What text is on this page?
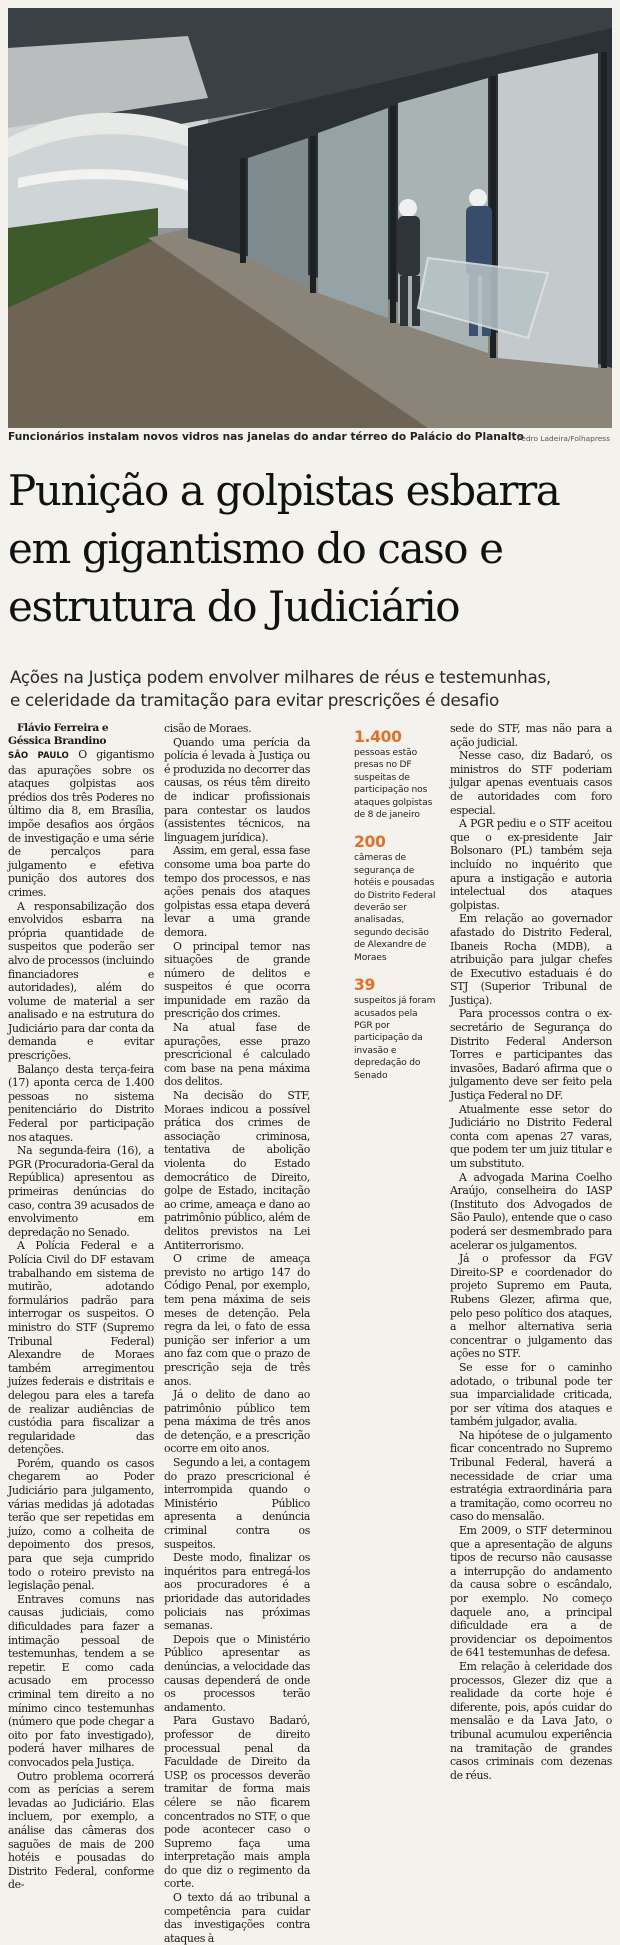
Funcionários instalam novos vidros nas janelas do andar térreo do Palácio do Planalto
Pedro Ladeira/Folhapress
Punição a golpistas esbarra
em gigantismo do caso e
estrutura do Judiciário
Ações na Justiça podem envolver milhares de réus e testemunhas,
e celeridade da tramitação para evitar prescrições é desafio

Flávio Ferreira e
Géssica Brandino

SÃO PAULO O gigantismo das apurações sobre os ataques golpistas aos prédios dos três Poderes no último dia 8, em Brasília, impõe desafios aos órgãos de investigação e uma série de percalços para julgamento e efetiva punição dos autores dos crimes.

A responsabilização dos envolvidos esbarra na própria quantidade de suspeitos que poderão ser alvo de processos (incluindo financiadores e autoridades), além do volume de material a ser analisado e na estrutura do Judiciário para dar conta da demanda e evitar prescrições.

Balanço desta terça-feira (17) aponta cerca de 1.400 pessoas no sistema penitenciário do Distrito Federal por participação nos ataques.

Na segunda-feira (16), a PGR (Procuradoria-Geral da República) apresentou as primeiras denúncias do caso, contra 39 acusados de envolvimento em depredação no Senado.

A Polícia Federal e a Polícia Civil do DF estavam trabalhando em sistema de mutirão, adotando formulários padrão para interrogar os suspeitos. O ministro do STF (Supremo Tribunal Federal) Alexandre de Moraes também arregimentou juízes federais e distritais e delegou para eles a tarefa de realizar audiências de custódia para fiscalizar a regularidade das detenções.

Porém, quando os casos chegarem ao Poder Judiciário para julgamento, várias medidas já adotadas terão que ser repetidas em juízo, como a colheita de depoimento dos presos, para que seja cumprido todo o roteiro previsto na legislação penal.

Entraves comuns nas causas judiciais, como dificuldades para fazer a intimação pessoal de testemunhas, tendem a se repetir. E como cada acusado em processo criminal tem direito a no mínimo cinco testemunhas (número que pode chegar a oito por fato investigado), poderá haver milhares de convocados pela Justiça.

Outro problema ocorrerá com as perícias a serem levadas ao Judiciário. Elas incluem, por exemplo, a análise das câmeras dos saguões de mais de 200 hotéis e pousadas do Distrito Federal, conforme de-

cisão de Moraes.

Quando uma perícia da polícia é levada à Justiça ou é produzida no decorrer das causas, os réus têm direito de indicar profissionais para contestar os laudos (assistentes técnicos, na linguagem jurídica).

Assim, em geral, essa fase consome uma boa parte do tempo dos processos, e nas ações penais dos ataques golpistas essa etapa deverá levar a uma grande demora.

O principal temor nas situações de grande número de delitos e suspeitos é que ocorra impunidade em razão da prescrição dos crimes.

Na atual fase de apurações, esse prazo prescricional é calculado com base na pena máxima dos delitos.

Na decisão do STF, Moraes indicou a possível prática dos crimes de associação criminosa, tentativa de abolição violenta do Estado democrático de Direito, golpe de Estado, incitação ao crime, ameaça e dano ao patrimônio público, além de delitos previstos na Lei Antiterrorismo.

O crime de ameaça previsto no artigo 147 do Código Penal, por exemplo, tem pena máxima de seis meses de detenção. Pela regra da lei, o fato de essa punição ser inferior a um ano faz com que o prazo de prescrição seja de três anos.

Já o delito de dano ao patrimônio público tem pena máxima de três anos de detenção, e a prescrição ocorre em oito anos.

Segundo a lei, a contagem do prazo prescricional é interrompida quando o Ministério Público apresenta a denúncia criminal contra os suspeitos.

Deste modo, finalizar os inquéritos para entregá-los aos procuradores é a prioridade das autoridades policiais nas próximas semanas.

Depois que o Ministério Público apresentar as denúncias, a velocidade das causas dependerá de onde os processos terão andamento.

Para Gustavo Badaró, professor de direito processual penal da Faculdade de Direito da USP, os processos deverão tramitar de forma mais célere se não ficarem concentrados no STF, o que pode acontecer caso o Supremo faça uma interpretação mais ampla do que diz o regimento da corte.

O texto dá ao tribunal a competência para cuidar das investigações contra ataques à

1.400
pessoas estão presas no DF suspeitas de participação nos ataques golpistas de 8 de janeiro
200
câmeras de segurança de hotéis e pousadas do Distrito Federal deverão ser analisadas, segundo decisão de Alexandre de Moraes
39
suspeitos já foram acusados pela PGR por participação da invasão e depredação do Senado

sede do STF, mas não para a ação judicial.

Nesse caso, diz Badaró, os ministros do STF poderiam julgar apenas eventuais casos de autoridades com foro especial.

A PGR pediu e o STF aceitou que o ex-presidente Jair Bolsonaro (PL) também seja incluído no inquérito que apura a instigação e autoria intelectual dos ataques golpistas.

Em relação ao governador afastado do Distrito Federal, Ibaneis Rocha (MDB), a atribuição para julgar chefes de Executivo estaduais é do STJ (Superior Tribunal de Justiça).

Para processos contra o ex-secretário de Segurança do Distrito Federal Anderson Torres e participantes das invasões, Badaró afirma que o julgamento deve ser feito pela Justiça Federal no DF.

Atualmente esse setor do Judiciário no Distrito Federal conta com apenas 27 varas, que podem ter um juiz titular e um substituto.

A advogada Marina Coelho Araújo, conselheira do IASP (Instituto dos Advogados de São Paulo), entende que o caso poderá ser desmembrado para acelerar os julgamentos.

Já o professor da FGV Direito-SP e coordenador do projeto Supremo em Pauta, Rubens Glezer, afirma que, pelo peso político dos ataques, a melhor alternativa seria concentrar o julgamento das ações no STF.

Se esse for o caminho adotado, o tribunal pode ter sua imparcialidade criticada, por ser vítima dos ataques e também julgador, avalia.

Na hipótese de o julgamento ficar concentrado no Supremo Tribunal Federal, haverá a necessidade de criar uma estratégia extraordinária para a tramitação, como ocorreu no caso do mensalão.

Em 2009, o STF determinou que a apresentação de alguns tipos de recurso não causasse a interrupção do andamento da causa sobre o escândalo, por exemplo. No começo daquele ano, a principal dificuldade era a de providenciar os depoimentos de 641 testemunhas de defesa.

Em relação à celeridade dos processos, Glezer diz que a realidade da corte hoje é diferente, pois, após cuidar do mensalão e da Lava Jato, o tribunal acumulou experiência na tramitação de grandes casos criminais com dezenas de réus.
